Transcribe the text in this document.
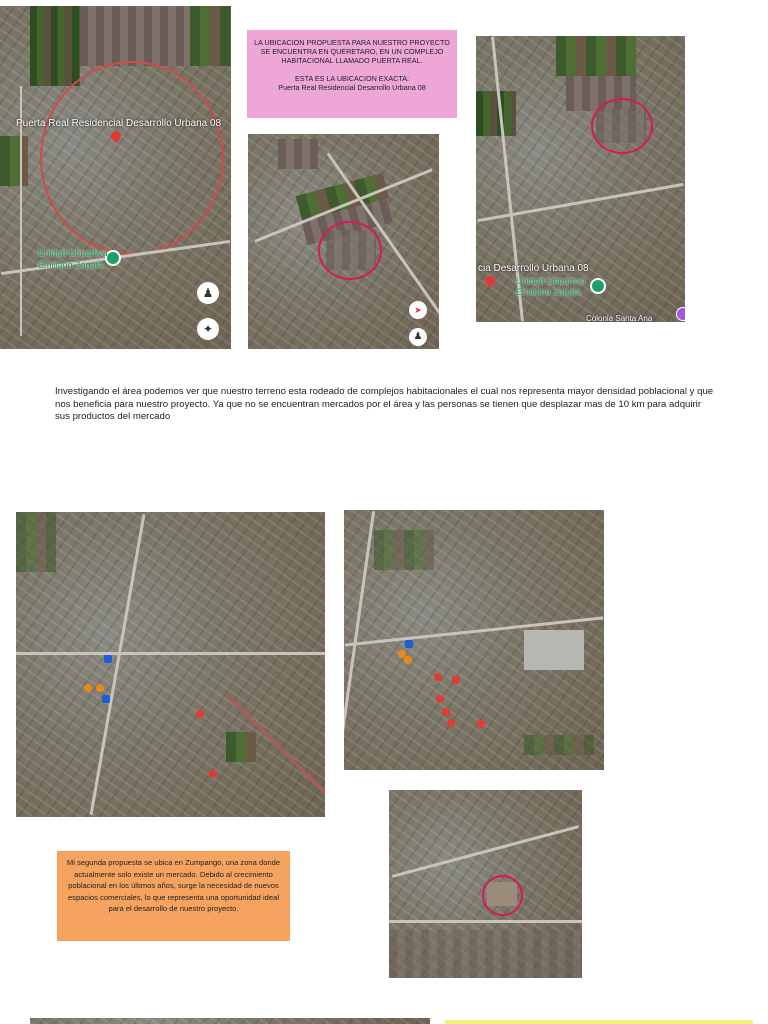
Puerta Real Residencial Desarrollo Urbana 08
Unidad Deportiva
Emiliano Zapata
♟
✦
LA UBICACION PROPUESTA PARA NUESTRO PROYECTO SE ENCUENTRA EN QUERETARO, EN UN COMPLEJO HABITACIONAL LLAMADO PUERTA REAL.
ESTA ES LA UBICACION EXACTA:
Puerta Real Residencial Desarrollo Urbana 08
➤
♟
cia Desarrollo Urbana 08
Unidad Deportiva
Emiliano Zapata
Colonia Santa Ana
Investigando el área podemos ver que nuestro terreno esta rodeado de complejos habitacionales el cual nos representa mayor densidad poblacional y que nos beneficia para nuestro proyecto. Ya que no se encuentran mercados por el área y las personas se tienen que desplazar mas de 10 km para adquirir sus productos del mercado
Mi segunda propuesta se ubica en Zumpango, una zona donde actualmente solo existe un mercado. Debido al crecimiento poblacional en los últimos años, surge la necesidad de nuevos espacios comerciales, lo que representa una oportunidad ideal para el desarrollo de nuestro proyecto.
